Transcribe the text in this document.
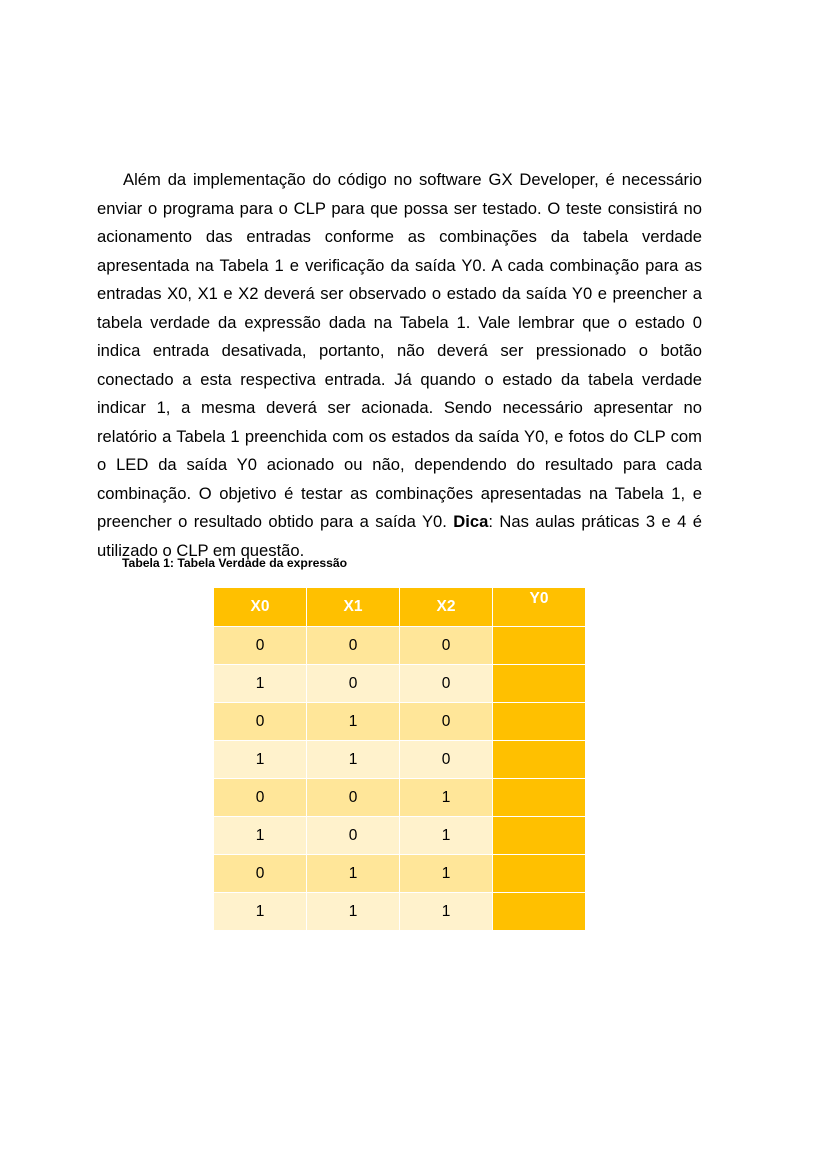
Além da implementação do código no software GX Developer, é necessário enviar o programa para o CLP para que possa ser testado. O teste consistirá no acionamento das entradas conforme as combinações da tabela verdade apresentada na Tabela 1 e verificação da saída Y0. A cada combinação para as entradas X0, X1 e X2 deverá ser observado o estado da saída Y0 e preencher a tabela verdade da expressão dada na Tabela 1. Vale lembrar que o estado 0 indica entrada desativada, portanto, não deverá ser pressionado o botão conectado a esta respectiva entrada. Já quando o estado da tabela verdade indicar 1, a mesma deverá ser acionada. Sendo necessário apresentar no relatório a Tabela 1 preenchida com os estados da saída Y0, e fotos do CLP com o LED da saída Y0 acionado ou não, dependendo do resultado para cada combinação. O objetivo é testar as combinações apresentadas na Tabela 1, e preencher o resultado obtido para a saída Y0. Dica: Nas aulas práticas 3 e 4 é utilizado o CLP em questão.

Tabela 1: Tabela Verdade da expressão

X0	X1	X2	Y0
0	0	0	
1	0	0	
0	1	0	
1	1	0	
0	0	1	
1	0	1	
0	1	1	
1	1	1	
